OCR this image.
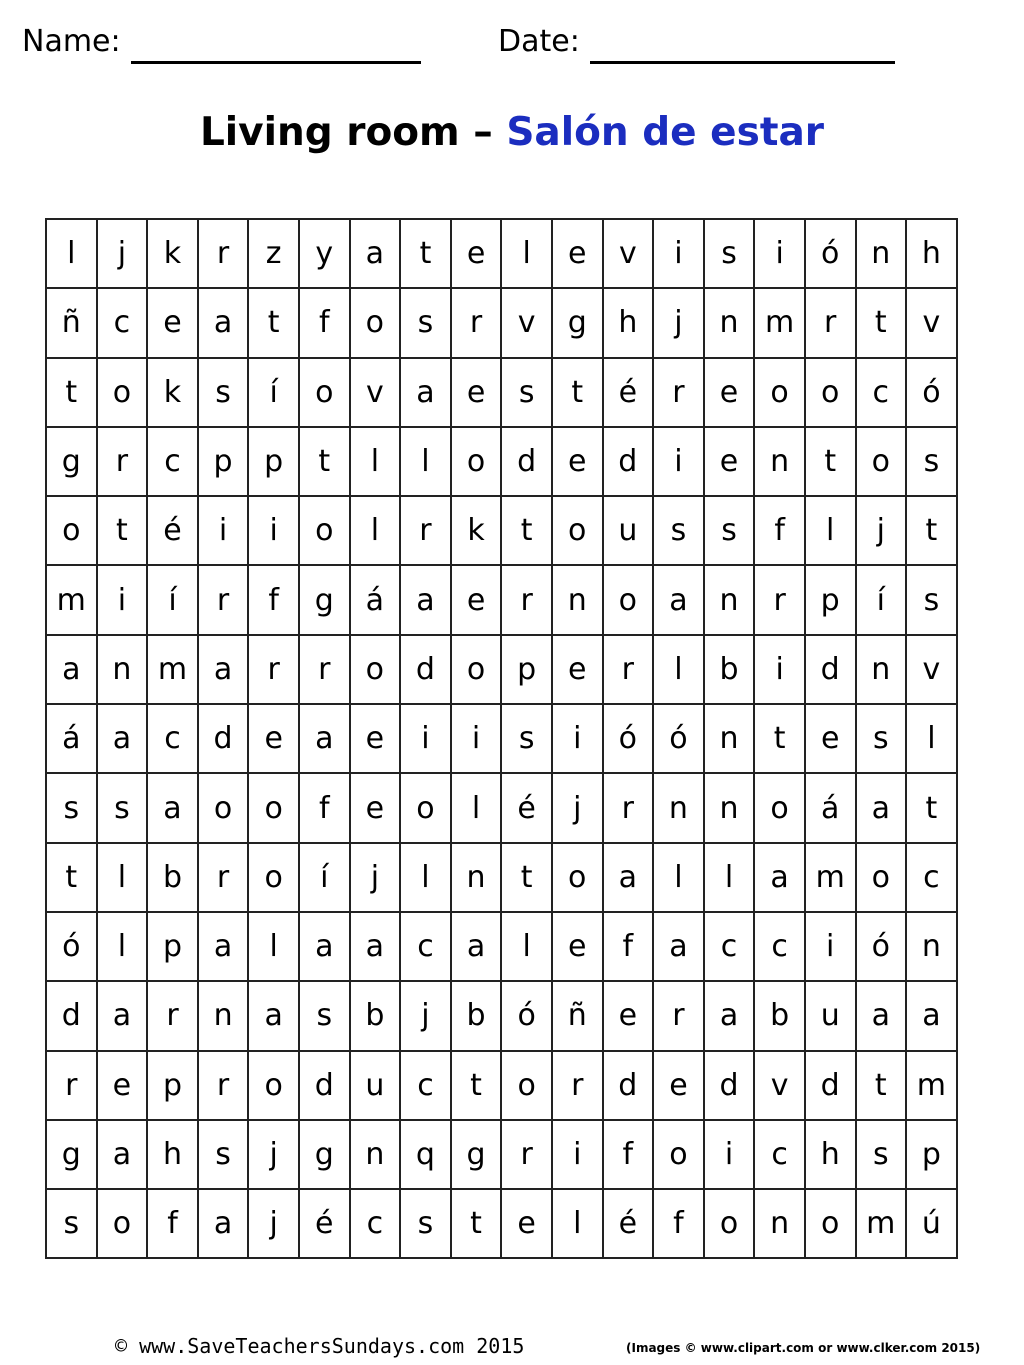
Name:	Date:
Living room – Salón de estar
l	j	k	r	z	y	a	t	e	l	e	v	i	s	i	ó	n	h
ñ	c	e	a	t	f	o	s	r	v	g	h	j	n	m	r	t	v
t	o	k	s	í	o	v	a	e	s	t	é	r	e	o	o	c	ó
g	r	c	p	p	t	l	l	o	d	e	d	i	e	n	t	o	s
o	t	é	i	i	o	l	r	k	t	o	u	s	s	f	l	j	t
m	i	í	r	f	g	á	a	e	r	n	o	a	n	r	p	í	s
a	n	m	a	r	r	o	d	o	p	e	r	l	b	i	d	n	v
á	a	c	d	e	a	e	i	i	s	i	ó	ó	n	t	e	s	l
s	s	a	o	o	f	e	o	l	é	j	r	n	n	o	á	a	t
t	l	b	r	o	í	j	l	n	t	o	a	l	l	a	m	o	c
ó	l	p	a	l	a	a	c	a	l	e	f	a	c	c	i	ó	n
d	a	r	n	a	s	b	j	b	ó	ñ	e	r	a	b	u	a	a
r	e	p	r	o	d	u	c	t	o	r	d	e	d	v	d	t	m
g	a	h	s	j	g	n	q	g	r	i	f	o	i	c	h	s	p
s	o	f	a	j	é	c	s	t	e	l	é	f	o	n	o	m	ú
© www.SaveTeachersSundays.com 2015	(Images © www.clipart.com or www.clker.com 2015)
